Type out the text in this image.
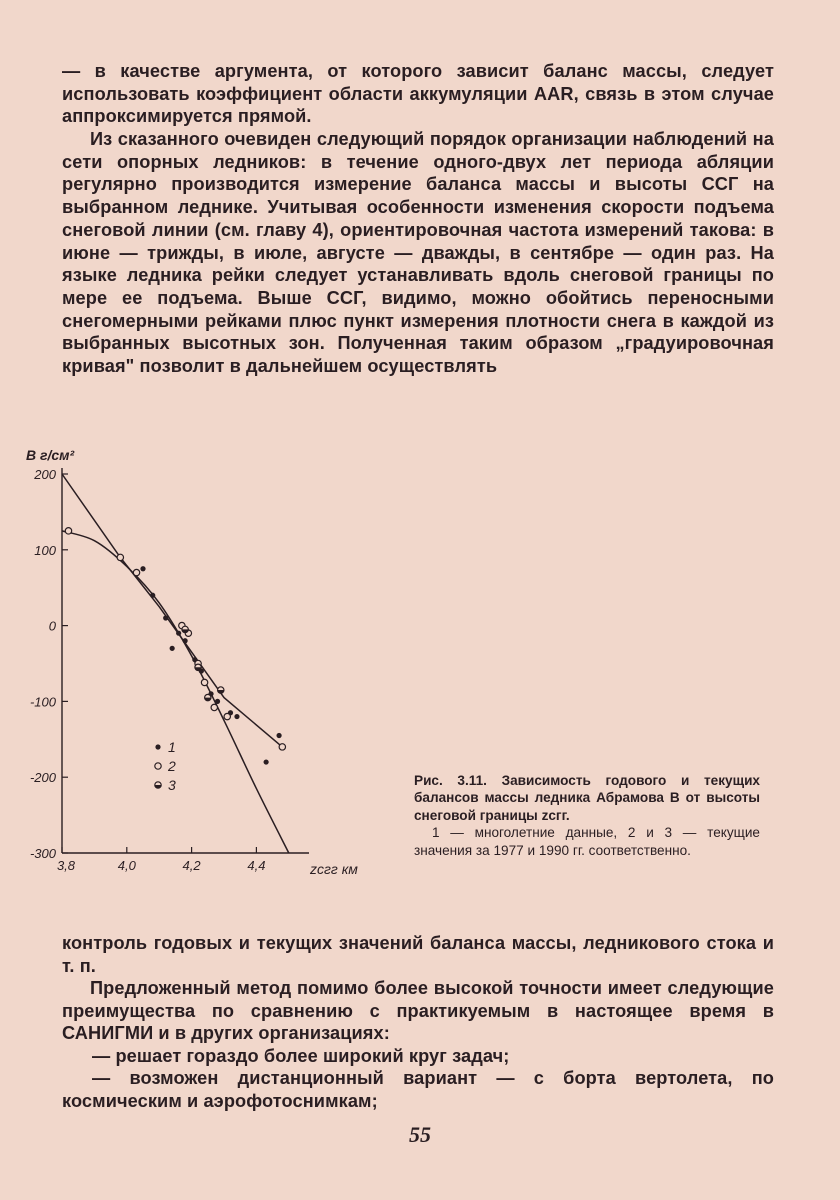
— в качестве аргумента, от которого зависит баланс массы, следует использовать коэффициент области аккумуляции AAR, связь в этом случае аппроксимируется прямой.

Из сказанного очевиден следующий порядок организации наблюдений на сети опорных ледников: в течение одного-двух лет периода абляции регулярно производится измерение баланса массы и высоты ССГ на выбранном леднике. Учитывая особенности изменения скорости подъема снеговой линии (см. главу 4), ориентировочная частота измерений такова: в июне — трижды, в июле, августе — дважды, в сентябре — один раз. На языке ледника рейки следует устанавливать вдоль снеговой границы по мере ее подъема. Выше ССГ, видимо, можно обойтись переносными снегомерными рейками плюс пункт измерения плотности снега в каждой из выбранных высотных зон. Полученная таким образом „градуировочная кривая" позволит в дальнейшем осуществлять

200
100
0
-100
-200
-300
3,8	4,0	4,2	4,4
1
2
3
B г/см²
zсгг км
Рис. 3.11. Зависимость годового и текущих балансов массы ледника Абрамова B от высоты снеговой границы zсгг.
1 — многолетние данные, 2 и 3 — текущие значения за 1977 и 1990 гг. соответственно.

контроль годовых и текущих значений баланса массы, ледникового стока и т. п.

Предложенный метод помимо более высокой точности имеет следующие преимущества по сравнению с практикуемым в настоящее время в САНИГМИ и в других организациях:

— решает гораздо более широкий круг задач;

— возможен дистанционный вариант — с борта вертолета, по космическим и аэрофотоснимкам;

55
